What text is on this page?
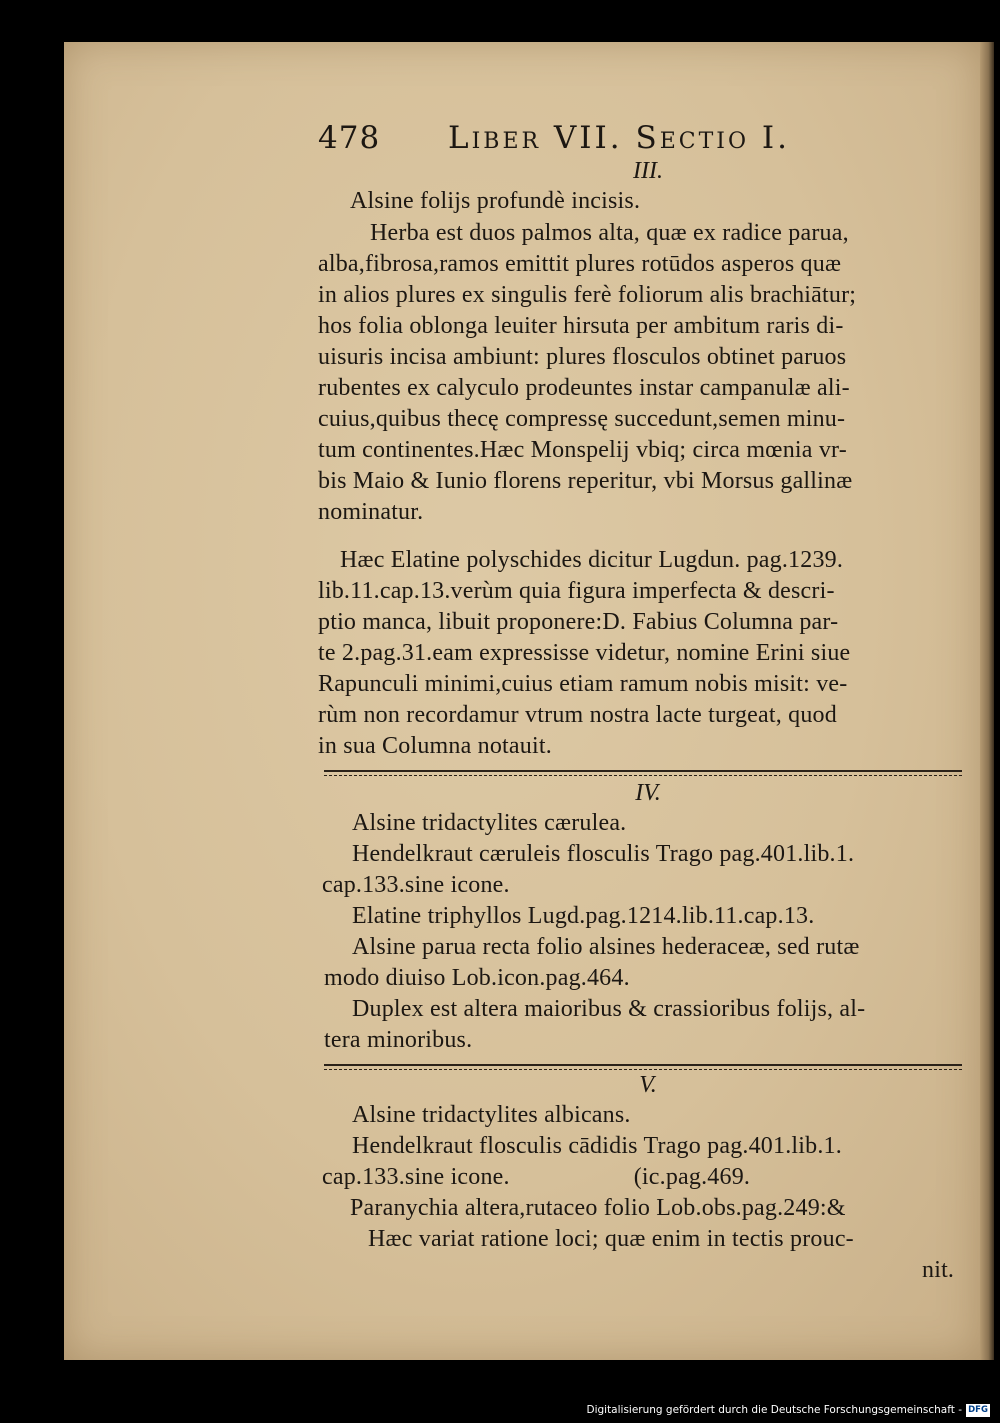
478 Liber VII. Sectio I.
III.
Alsine folijs profundè incisis.
Herba est duos palmos alta, quæ ex radice parua,
alba,fibrosa,ramos emittit plures rotūdos asperos quæ
in alios plures ex singulis ferè foliorum alis brachiātur;
hos folia oblonga leuiter hirsuta per ambitum raris di-
uisuris incisa ambiunt: plures flosculos obtinet paruos
rubentes ex calyculo prodeuntes instar campanulæ ali-
cuius,quibus thecę compressę succedunt,semen minu-
tum continentes.Hæc Monspelij vbiq; circa mœnia vr-
bis Maio & Iunio florens reperitur, vbi Morsus gallinæ
nominatur.
Hæc Elatine polyschides dicitur Lugdun. pag.1239.
lib.11.cap.13.verùm quia figura imperfecta & descri-
ptio manca, libuit proponere:D. Fabius Columna par-
te 2.pag.31.eam expressisse videtur, nomine Erini siue
Rapunculi minimi,cuius etiam ramum nobis misit: ve-
rùm non recordamur vtrum nostra lacte turgeat, quod
in sua Columna notauit.
IV.
Alsine tridactylites cærulea.
Hendelkraut cæruleis flosculis Trago pag.401.lib.1.
cap.133.sine icone.
Elatine triphyllos Lugd.pag.1214.lib.11.cap.13.
Alsine parua recta folio alsines hederaceæ, sed rutæ
modo diuiso Lob.icon.pag.464.
Duplex est altera maioribus & crassioribus folijs, al-
tera minoribus.
V.
Alsine tridactylites albicans.
Hendelkraut flosculis cādidis Trago pag.401.lib.1.
cap.133.sine icone.                    (ic.pag.469.
Paranychia altera,rutaceo folio Lob.obs.pag.249:&
Hæc variat ratione loci; quæ enim in tectis prouc-
nit.
Digitalisierung gefördert durch die Deutsche Forschungsgemeinschaft - DFG
